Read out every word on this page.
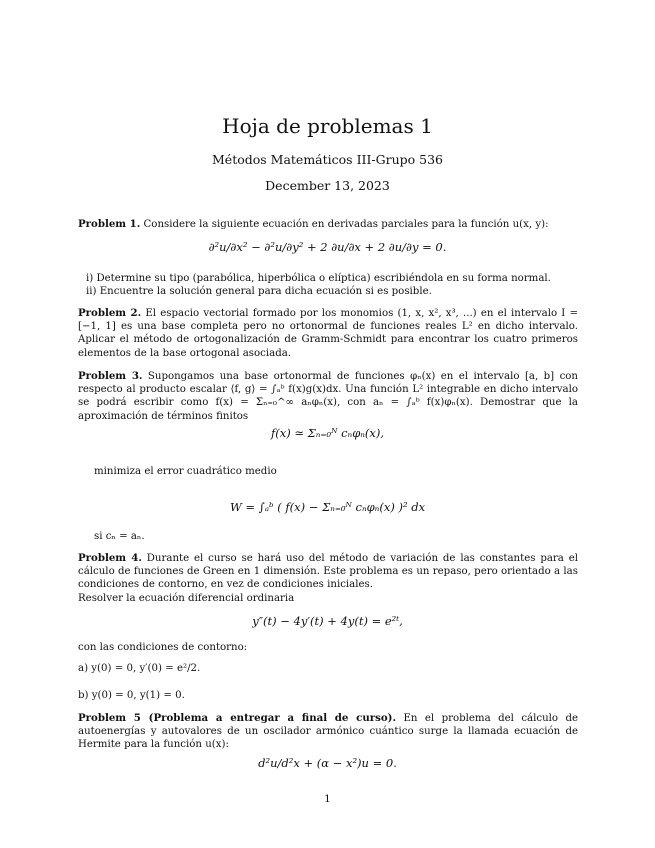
Hoja de problemas 1
Métodos Matemáticos III-Grupo 536
December 13, 2023
Problem 1. Considere la siguiente ecuación en derivadas parciales para la función u(x, y):
∂²u/∂x² − ∂²u/∂y² + 2 ∂u/∂x + 2 ∂u/∂y = 0.
i) Determine su tipo (parabólica, hiperbólica o elíptica) escribiéndola en su forma normal.
ii) Encuentre la solución general para dicha ecuación si es posible.
Problem 2. El espacio vectorial formado por los monomios (1, x, x², x³, ...) en el intervalo I = [−1, 1] es una base completa pero no ortonormal de funciones reales L² en dicho intervalo. Aplicar el método de ortogonalización de Gramm-Schmidt para encontrar los cuatro primeros elementos de la base ortogonal asociada.
Problem 3. Supongamos una base ortonormal de funciones φₙ(x) en el intervalo [a, b] con respecto al producto escalar ⟨f, g⟩ = ∫ₐᵇ f(x)g(x)dx. Una función L² integrable en dicho intervalo se podrá escribir como f(x) = Σₙ₌₀^∞ aₙφₙ(x), con aₙ = ∫ₐᵇ f(x)φₙ(x). Demostrar que la aproximación de términos finitos
f(x) ≃ Σₙ₌₀ᴺ cₙφₙ(x),
minimiza el error cuadrático medio
W = ∫ₐᵇ ( f(x) − Σₙ₌₀ᴺ cₙφₙ(x) )² dx
si cₙ = aₙ.
Problem 4. Durante el curso se hará uso del método de variación de las constantes para el cálculo de funciones de Green en 1 dimensión. Este problema es un repaso, pero orientado a las condiciones de contorno, en vez de condiciones iniciales.
Resolver la ecuación diferencial ordinaria
y″(t) − 4y′(t) + 4y(t) = e²ᵗ,
con las condiciones de contorno:
a) y(0) = 0, y′(0) = e²/2.
b) y(0) = 0, y(1) = 0.
Problem 5 (Problema a entregar a final de curso). En el problema del cálculo de autoenergías y autovalores de un oscilador armónico cuántico surge la llamada ecuación de Hermite para la función u(x):
d²u/d²x + (α − x²)u = 0.
1
